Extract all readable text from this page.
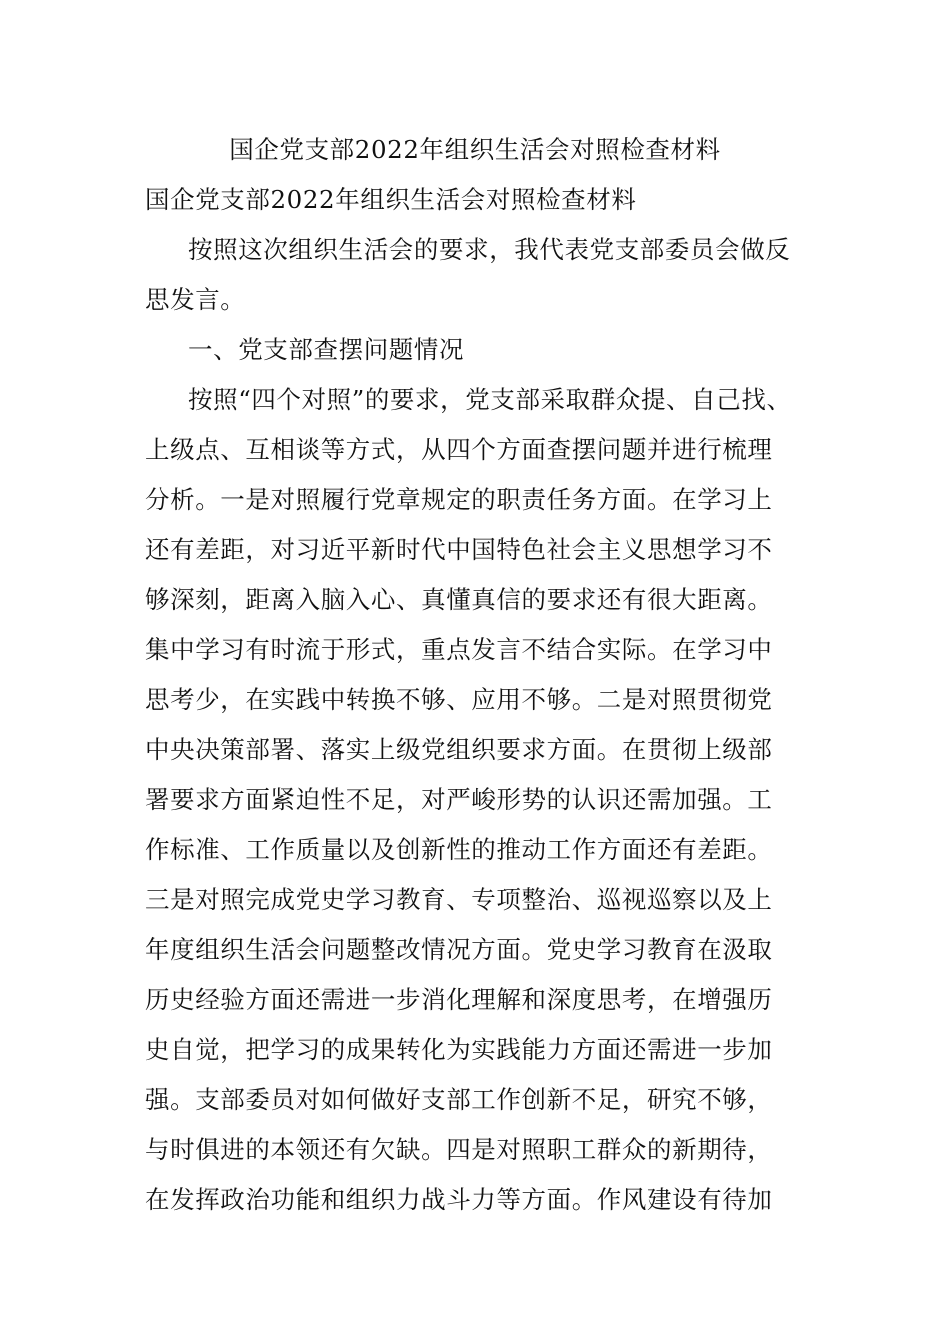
国企党支部2022年组织生活会对照检查材料
国企党支部2022年组织生活会对照检查材料
按照这次组织生活会的要求，我代表党支部委员会做反
思发言。
一、党支部查摆问题情况
按照“四个对照”的要求，党支部采取群众提、自己找、
上级点、互相谈等方式，从四个方面查摆问题并进行梳理
分析。一是对照履行党章规定的职责任务方面。在学习上
还有差距，对习近平新时代中国特色社会主义思想学习不
够深刻，距离入脑入心、真懂真信的要求还有很大距离。
集中学习有时流于形式，重点发言不结合实际。在学习中
思考少，在实践中转换不够、应用不够。二是对照贯彻党
中央决策部署、落实上级党组织要求方面。在贯彻上级部
署要求方面紧迫性不足，对严峻形势的认识还需加强。工
作标准、工作质量以及创新性的推动工作方面还有差距。
三是对照完成党史学习教育、专项整治、巡视巡察以及上
年度组织生活会问题整改情况方面。党史学习教育在汲取
历史经验方面还需进一步消化理解和深度思考，在增强历
史自觉，把学习的成果转化为实践能力方面还需进一步加
强。支部委员对如何做好支部工作创新不足，研究不够，
与时俱进的本领还有欠缺。四是对照职工群众的新期待，
在发挥政治功能和组织力战斗力等方面。作风建设有待加
